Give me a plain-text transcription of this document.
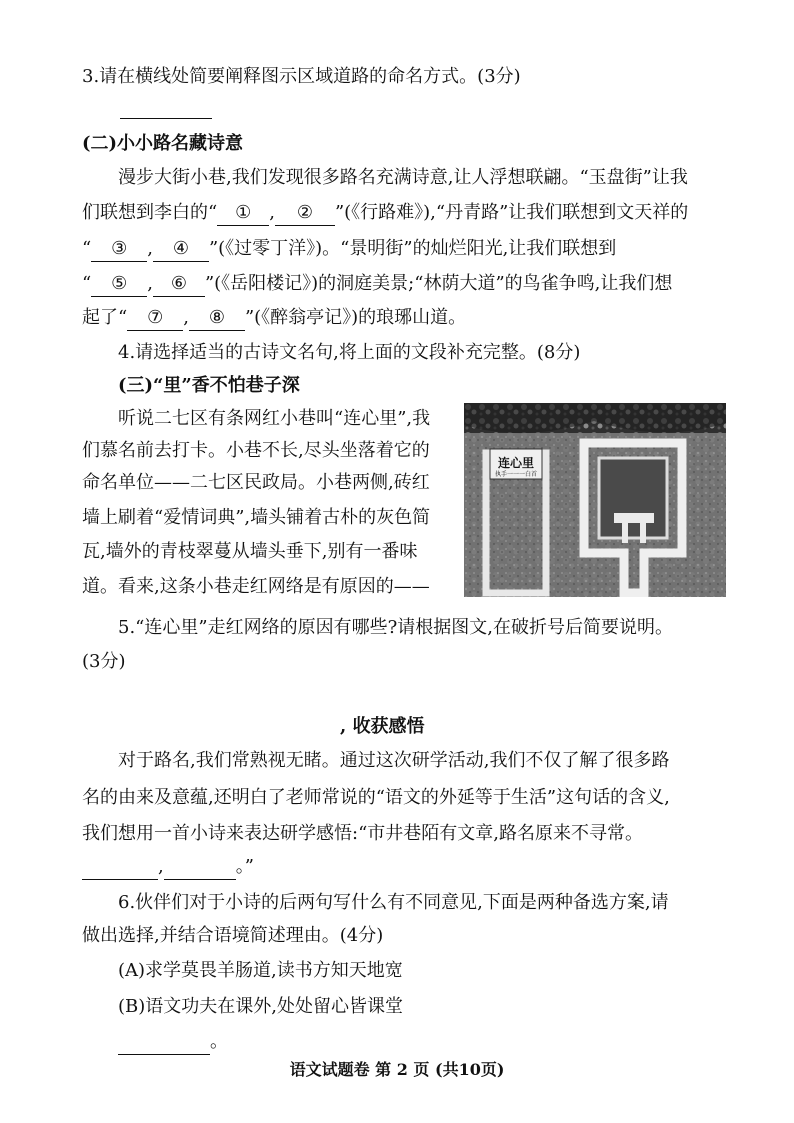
3.请在横线处简要阐释图示区域道路的命名方式。(3分)
(二)小小路名藏诗意
漫步大街小巷,我们发现很多路名充满诗意,让人浮想联翩。“玉盘街”让我
们联想到李白的“ ① , ② ”(《行路难》),“丹青路”让我们联想到文天祥的
“ ③ , ④ ”(《过零丁洋》)。“景明街”的灿烂阳光,让我们联想到
“ ⑤ , ⑥ ”(《岳阳楼记》)的洞庭美景;“林荫大道”的鸟雀争鸣,让我们想
起了“ ⑦ , ⑧ ”(《醉翁亭记》)的琅琊山道。
4.请选择适当的古诗文名句,将上面的文段补充完整。(8分)
(三)“里”香不怕巷子深
听说二七区有条网红小巷叫“连心里”,我
们慕名前去打卡。小巷不长,尽头坐落着它的
命名单位——二七区民政局。小巷两侧,砖红
墙上刷着“爱情词典”,墙头铺着古朴的灰色简
瓦,墙外的青枝翠蔓从墙头垂下,别有一番味
道。看来,这条小巷走红网络是有原因的——
连心里
执手一一一白首
5.“连心里”走红网络的原因有哪些?请根据图文,在破折号后简要说明。
(3分)
, 收获感悟
对于路名,我们常熟视无睹。通过这次研学活动,我们不仅了解了很多路
名的由来及意蕴,还明白了老师常说的“语文的外延等于生活”这句话的含义,
我们想用一首小诗来表达研学感悟:“市井巷陌有文章,路名原来不寻常。
,	。”
6.伙伴们对于小诗的后两句写什么有不同意见,下面是两种备选方案,请
做出选择,并结合语境简述理由。(4分)
(A)求学莫畏羊肠道,读书方知天地宽
(B)语文功夫在课外,处处留心皆课堂
。
语文试题卷 第 2 页 (共10页)
